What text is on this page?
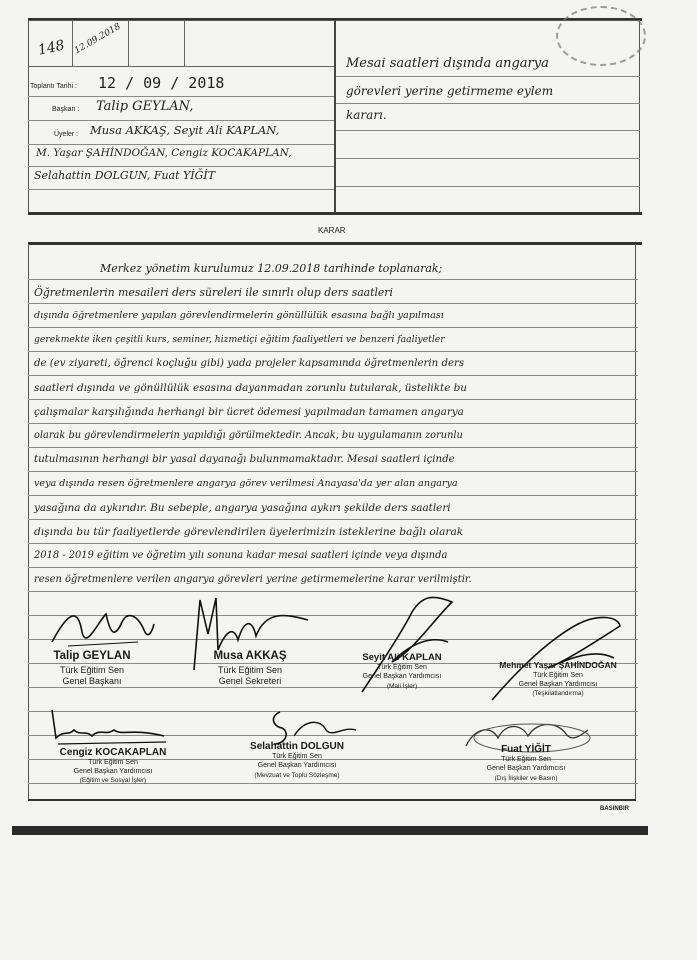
148 12.09.2018
Toplantı Tarihi : 12 / 09 / 2018
Başkan : Talip GEYLAN,
Üyeler : Musa AKKAŞ, Seyit Ali KAPLAN,
M. Yaşar ŞAHİNDOĞAN, Cengiz KOCAKAPLAN,
Selahattin DOLGUN, Fuat YİĞİT
Mesai saatleri dışında angarya
görevleri yerine getirmeme eylem
kararı.
KARAR
Merkez yönetim kurulumuz 12.09.2018 tarihinde toplanarak;
Öğretmenlerin mesaileri ders süreleri ile sınırlı olup ders saatleri
dışında öğretmenlere yapılan görevlendirmelerin gönüllülük esasına bağlı yapılması
gerekmekte iken çeşitli kurs, seminer, hizmetiçi eğitim faaliyetleri ve benzeri faaliyetler
de (ev ziyareti, öğrenci koçluğu gibi) yada projeler kapsamında öğretmenlerin ders
saatleri dışında ve gönüllülük esasına dayanmadan zorunlu tutularak, üstelikte bu
çalışmalar karşılığında herhangi bir ücret ödemesi yapılmadan tamamen angarya
olarak bu görevlendirmelerin yapıldığı görülmektedir. Ancak, bu uygulamanın zorunlu
tutulmasının herhangi bir yasal dayanağı bulunmamaktadır. Mesai saatleri içinde
veya dışında resen öğretmenlere angarya görev verilmesi Anayasa'da yer alan angarya
yasağına da aykırıdır. Bu sebeple, angarya yasağına aykırı şekilde ders saatleri
dışında bu tür faaliyetlerde görevlendirilen üyelerimizin isteklerine bağlı olarak
2018 - 2019 eğitim ve öğretim yılı sonuna kadar mesai saatleri içinde veya dışında
resen öğretmenlere verilen angarya görevleri yerine getirmemelerine karar verilmiştir.
Talip GEYLAN
Türk Eğitim Sen
Genel Başkanı
Musa AKKAŞ
Türk Eğitim Sen
Genel Sekreteri
Seyit Ali KAPLAN
Türk Eğitim Sen
Genel Başkan Yardımcısı
(Mali İşler)
Mehmet Yaşar ŞAHİNDOĞAN
Türk Eğitim Sen
Genel Başkan Yardımcısı
(Teşkilatlandırma)
Cengiz KOCAKAPLAN
Türk Eğitim Sen
Genel Başkan Yardımcısı
(Eğitim ve Sosyal İşler)
Selahattin DOLGUN
Türk Eğitim Sen
Genel Başkan Yardımcısı
(Mevzuat ve Toplu Sözleşme)
Fuat YİĞİT
Türk Eğitim Sen
Genel Başkan Yardımcısı
(Dış İlişkiler ve Basın)
BASINBIR
